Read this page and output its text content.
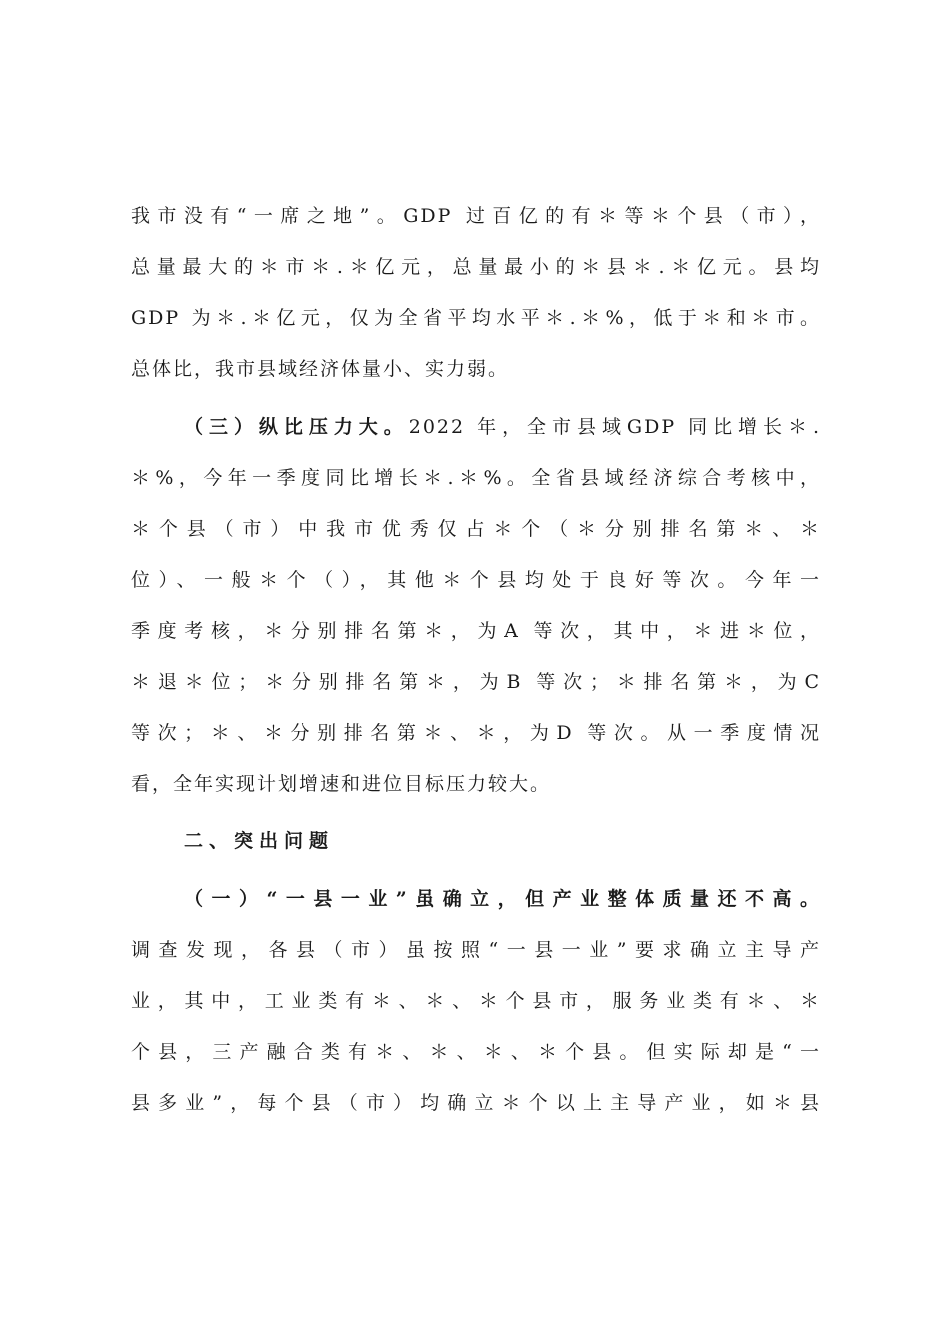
我市没有“一席之地”。GDP 过百亿的有＊等＊个县（市），
总量最大的＊市＊.＊亿元，总量最小的＊县＊.＊亿元。县均
GDP 为＊.＊亿元，仅为全省平均水平＊.＊%，低于＊和＊市。
总体比，我市县域经济体量小、实力弱。
（三）纵比压力大。2022 年，全市县域GDP 同比增长＊.
＊%，今年一季度同比增长＊.＊%。全省县域经济综合考核中，
＊个县（市）中我市优秀仅占＊个（＊分别排名第＊、＊
位）、一般＊个（），其他＊个县均处于良好等次。今年一
季度考核，＊分别排名第＊，为A 等次，其中，＊进＊位，
＊退＊位；＊分别排名第＊，为B 等次；＊排名第＊，为C
等次；＊、＊分别排名第＊、＊，为D 等次。从一季度情况
看，全年实现计划增速和进位目标压力较大。
二、突出问题
（一）“一县一业”虽确立，但产业整体质量还不高。
调查发现，各县（市）虽按照“一县一业”要求确立主导产
业，其中，工业类有＊、＊、＊个县市，服务业类有＊、＊
个县，三产融合类有＊、＊、＊、＊个县。但实际却是“一
县多业”，每个县（市）均确立＊个以上主导产业，如＊县
